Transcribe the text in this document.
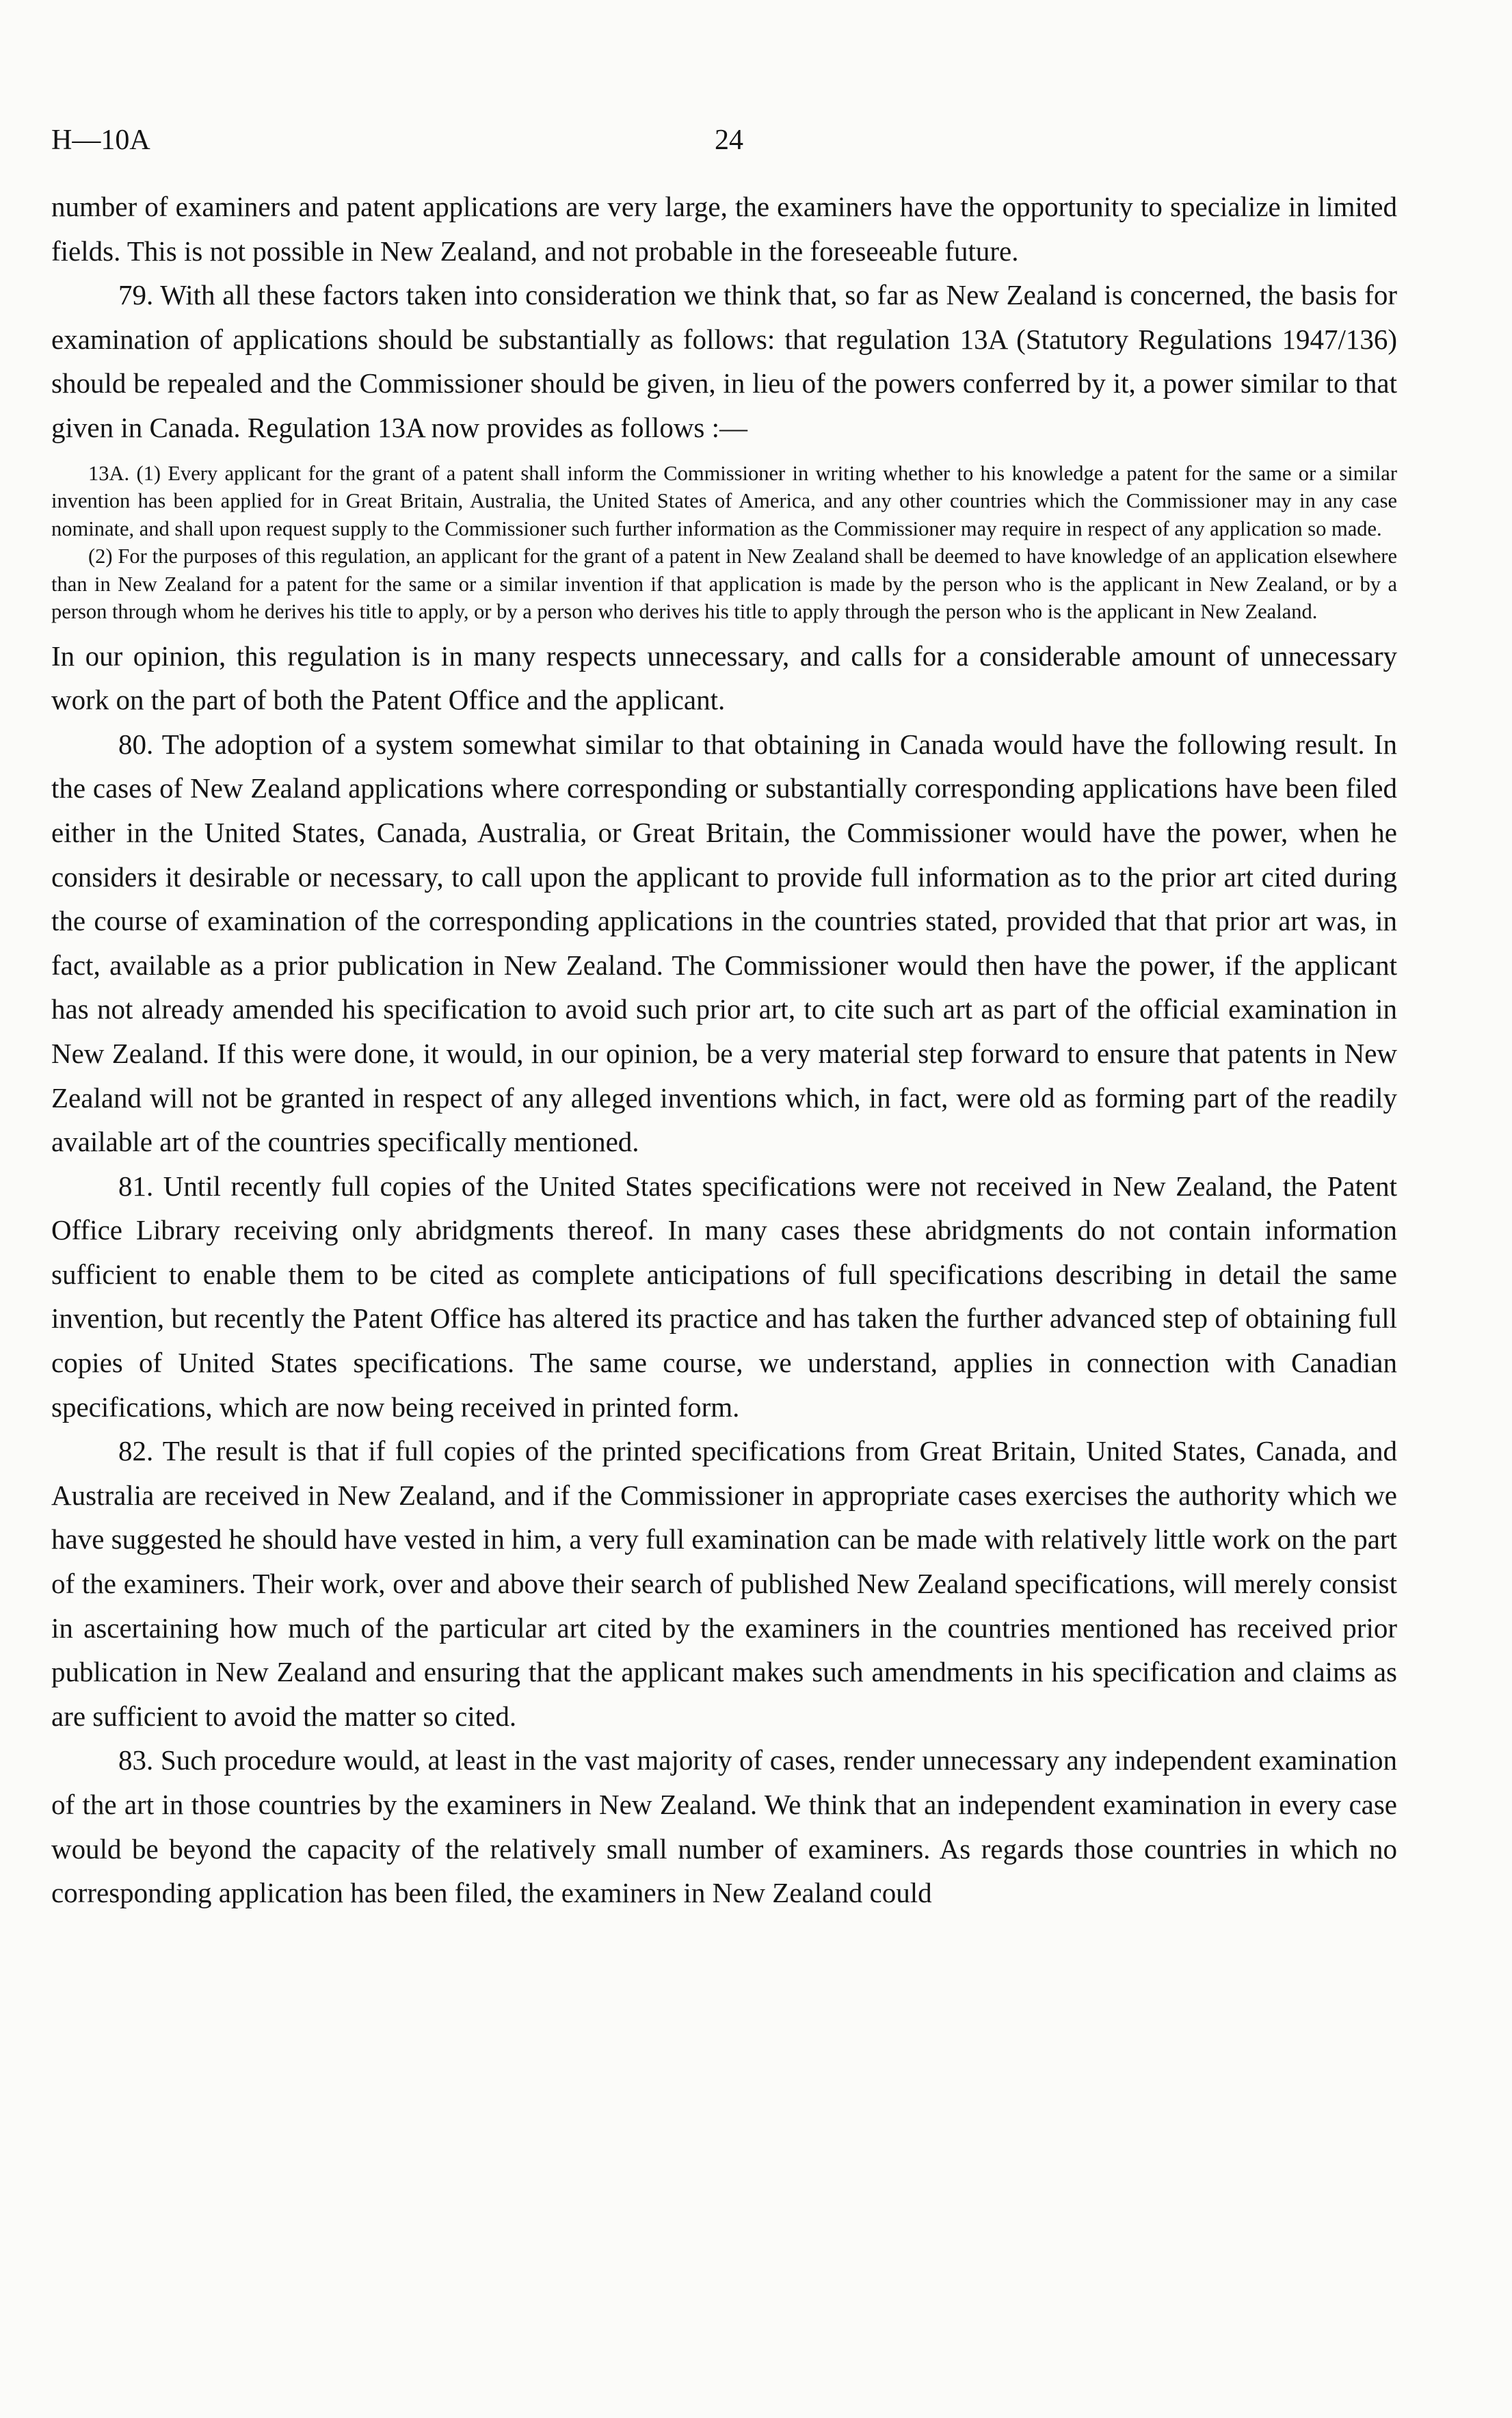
H—10A	24

number of examiners and patent applications are very large, the examiners have the opportunity to specialize in limited fields. This is not possible in New Zealand, and not probable in the foreseeable future.

79. With all these factors taken into consideration we think that, so far as New Zealand is concerned, the basis for examination of applications should be substantially as follows: that regulation 13A (Statutory Regulations 1947/136) should be repealed and the Commissioner should be given, in lieu of the powers conferred by it, a power similar to that given in Canada. Regulation 13A now provides as follows :—

13A. (1) Every applicant for the grant of a patent shall inform the Commissioner in writing whether to his knowledge a patent for the same or a similar invention has been applied for in Great Britain, Australia, the United States of America, and any other countries which the Commissioner may in any case nominate, and shall upon request supply to the Commissioner such further information as the Commissioner may require in respect of any application so made.

(2) For the purposes of this regulation, an applicant for the grant of a patent in New Zealand shall be deemed to have knowledge of an application elsewhere than in New Zealand for a patent for the same or a similar invention if that application is made by the person who is the applicant in New Zealand, or by a person through whom he derives his title to apply, or by a person who derives his title to apply through the person who is the applicant in New Zealand.

In our opinion, this regulation is in many respects unnecessary, and calls for a considerable amount of unnecessary work on the part of both the Patent Office and the applicant.

80. The adoption of a system somewhat similar to that obtaining in Canada would have the following result. In the cases of New Zealand applications where corresponding or substantially corresponding applications have been filed either in the United States, Canada, Australia, or Great Britain, the Commissioner would have the power, when he considers it desirable or necessary, to call upon the applicant to provide full information as to the prior art cited during the course of examination of the corresponding applications in the countries stated, provided that that prior art was, in fact, available as a prior publication in New Zealand. The Commissioner would then have the power, if the applicant has not already amended his specification to avoid such prior art, to cite such art as part of the official examination in New Zealand. If this were done, it would, in our opinion, be a very material step forward to ensure that patents in New Zealand will not be granted in respect of any alleged inventions which, in fact, were old as forming part of the readily available art of the countries specifically mentioned.

81. Until recently full copies of the United States specifications were not received in New Zealand, the Patent Office Library receiving only abridgments thereof. In many cases these abridgments do not contain information sufficient to enable them to be cited as complete anticipations of full specifications describing in detail the same invention, but recently the Patent Office has altered its practice and has taken the further advanced step of obtaining full copies of United States specifications. The same course, we understand, applies in connection with Canadian specifications, which are now being received in printed form.

82. The result is that if full copies of the printed specifications from Great Britain, United States, Canada, and Australia are received in New Zealand, and if the Commissioner in appropriate cases exercises the authority which we have suggested he should have vested in him, a very full examination can be made with relatively little work on the part of the examiners. Their work, over and above their search of published New Zealand specifications, will merely consist in ascertaining how much of the particular art cited by the examiners in the countries mentioned has received prior publication in New Zealand and ensuring that the applicant makes such amendments in his specification and claims as are sufficient to avoid the matter so cited.

83. Such procedure would, at least in the vast majority of cases, render unnecessary any independent examination of the art in those countries by the examiners in New Zealand. We think that an independent examination in every case would be beyond the capacity of the relatively small number of examiners. As regards those countries in which no corresponding application has been filed, the examiners in New Zealand could
